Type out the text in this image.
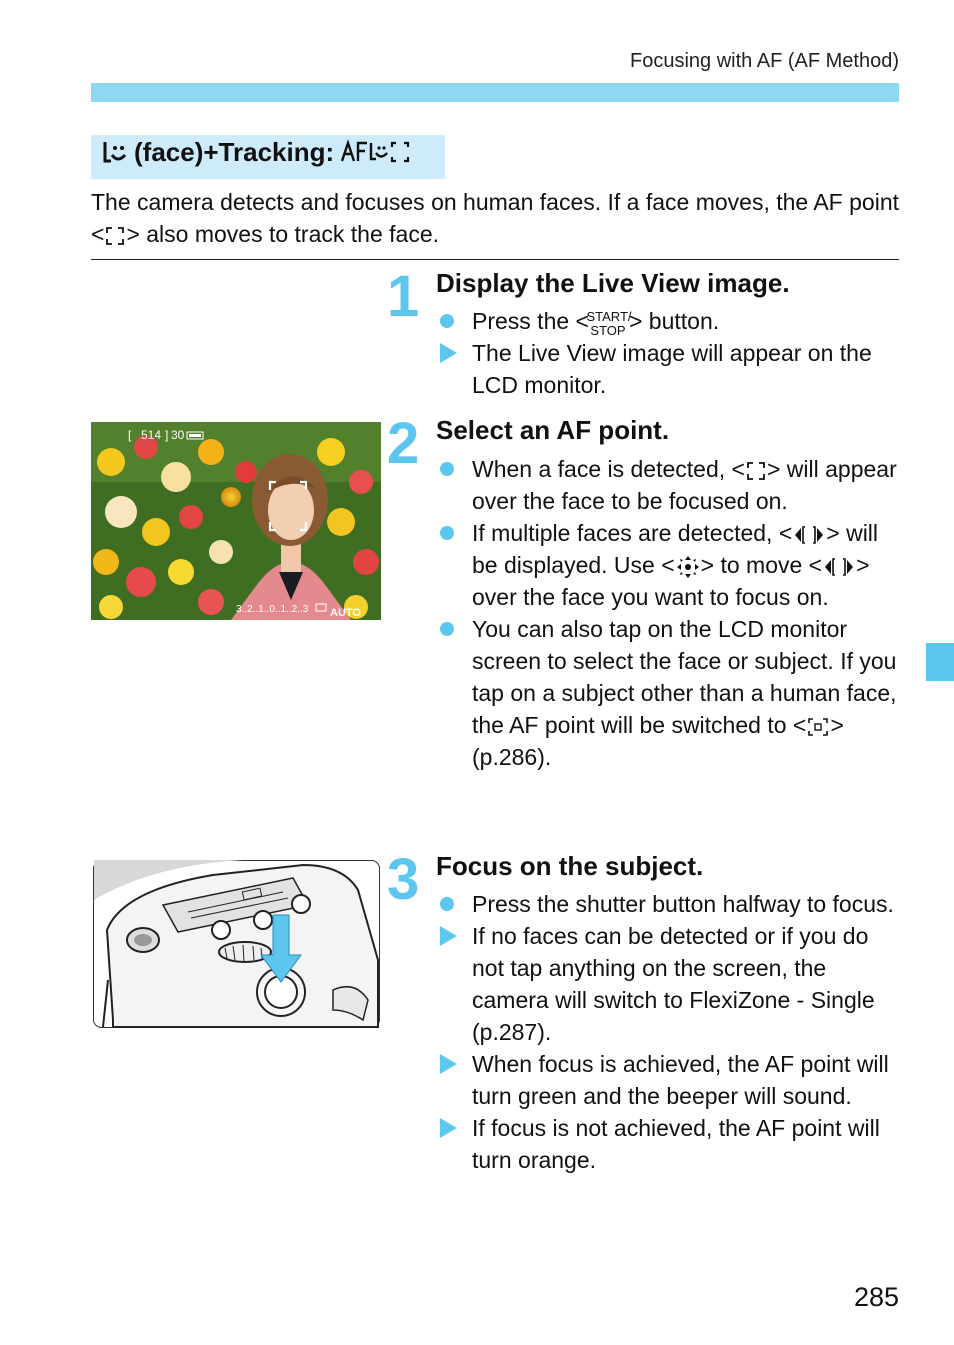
Focusing with AF (AF Method)
(face)+Tracking:
The camera detects and focuses on human faces. If a face moves, the AF point < > also moves to track the face.
1 Display the Live View image.
Press the <
START/
STOP > button.
The Live View image will appear on the LCD monitor.
[ 514 ] 30
3..2..1..0..1..2..3 AUTO
2 Select an AF point.
When a face is detected, < > will appear over the face to be focused on.
If multiple faces are detected, < > will be displayed. Use < > to move < > over the face you want to focus on.
You can also tap on the LCD monitor screen to select the face or subject. If you tap on a subject other than a human face, the AF point will be switched to < > (p.286).
3 Focus on the subject.
Press the shutter button halfway to focus.
If no faces can be detected or if you do not tap anything on the screen, the camera will switch to FlexiZone - Single (p.287).
When focus is achieved, the AF point will turn green and the beeper will sound.
If focus is not achieved, the AF point will turn orange.
285
